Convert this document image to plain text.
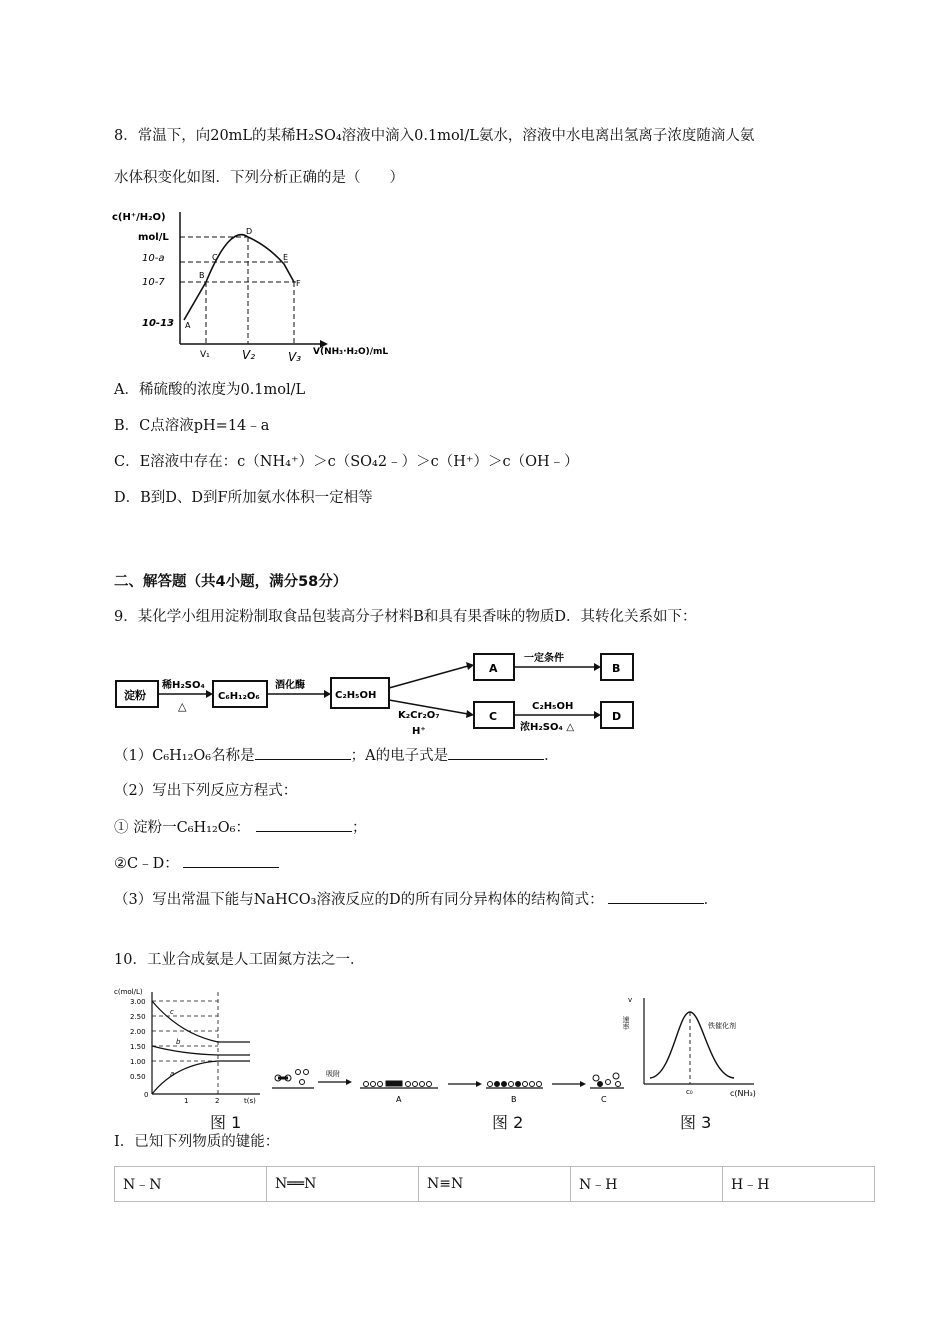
8．常温下，向20mL的某稀H₂SO₄溶液中滴入0.1mol/L氨水，溶液中水电离出氢离子浓度随滴人氨
水体积变化如图．下列分析正确的是（　　）
c(H⁺/H₂O)
mol/L
10-a
10-7
10-13 A
B
C
D
E
F
V₁	V₂	V₃ V(NH₃·H₂O)/mL
A．稀硫酸的浓度为0.1mol/L
B．C点溶液pH=14﹣a
C．E溶液中存在：c（NH₄⁺）＞c（SO₄2﹣）＞c（H⁺）＞c（OH﹣）
D．B到D、D到F所加氨水体积一定相等
二、解答题（共4小题，满分58分）
9．某化学小组用淀粉制取食品包装高分子材料B和具有果香味的物质D．其转化关系如下：
淀粉
稀H₂SO₄
△
C₆H₁₂O₆
酒化酶
C₂H₅OH
A
一定条件
B
K₂Cr₂O₇
H⁺
C
C₂H₅OH
浓H₂SO₄ △
D
（1）C₆H₁₂O₆名称是	；A的电子式是	．
（2）写出下列反应方程式：
① 淀粉一C₆H₁₂O₆：	；
②C﹣D：
（3）写出常温下能与NaHCO₃溶液反应的D的所有同分异构体的结构简式：	．
10．工业合成氨是人工固氮方法之一．
c(mol/L)
3.00
2.50
2.00
1.50
1.00
0.50
0
1	2	t(s)
c
b
a
图 1
吸附
A	B	C
图 2
v
速率	铁催化剂
c₀	c(NH₃)
图 3
I．已知下列物质的键能：
N﹣N	N══N	N≡N	N﹣H	H﹣H
